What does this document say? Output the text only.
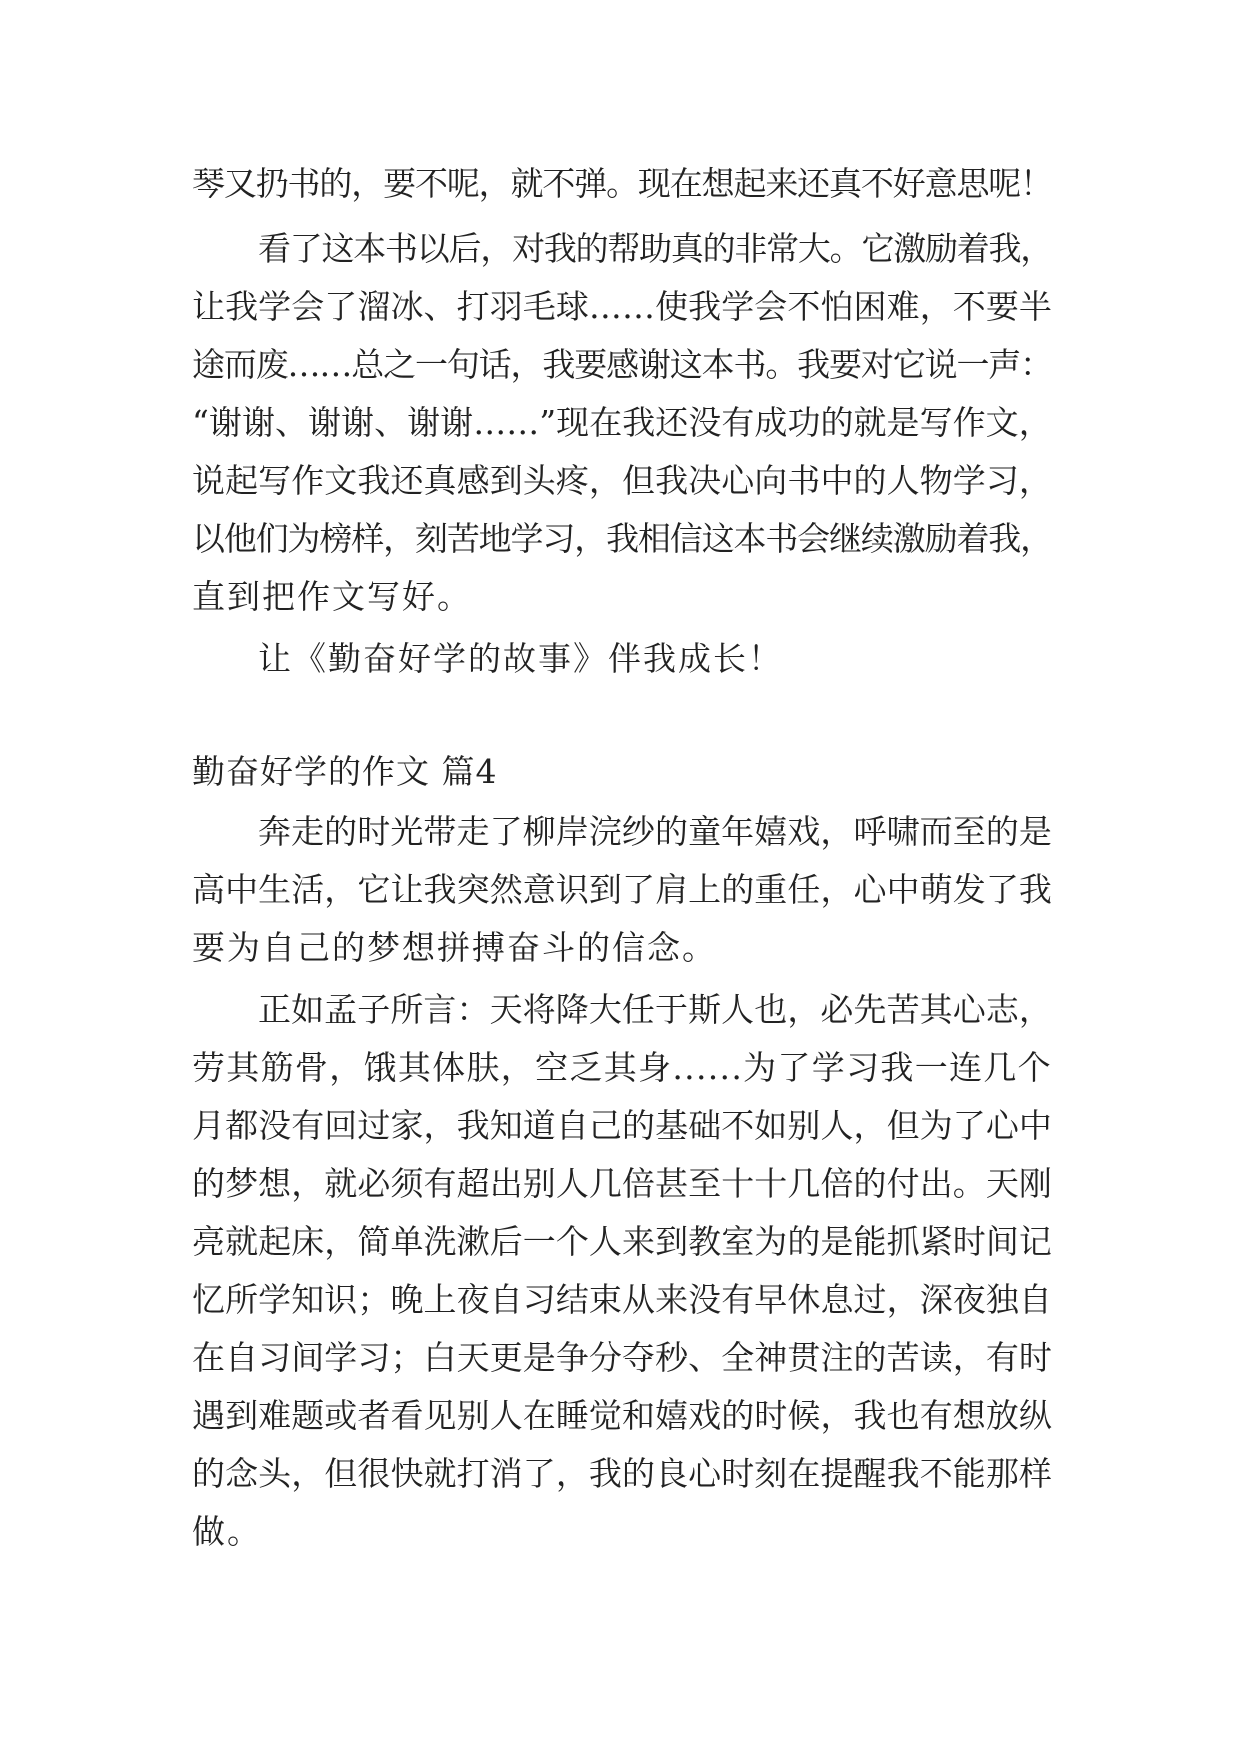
琴又扔书的，要不呢，就不弹。现在想起来还真不好意思呢！
看了这本书以后，对我的帮助真的非常大。它激励着我，
让我学会了溜冰、打羽毛球……使我学会不怕困难，不要半
途而废……总之一句话，我要感谢这本书。我要对它说一声：
“谢谢、谢谢、谢谢……”现在我还没有成功的就是写作文，
说起写作文我还真感到头疼，但我决心向书中的人物学习，
以他们为榜样，刻苦地学习，我相信这本书会继续激励着我，
直到把作文写好。
让《勤奋好学的故事》伴我成长！
勤奋好学的作文 篇4
奔走的时光带走了柳岸浣纱的童年嬉戏，呼啸而至的是
高中生活，它让我突然意识到了肩上的重任，心中萌发了我
要为自己的梦想拼搏奋斗的信念。
正如孟子所言：天将降大任于斯人也，必先苦其心志，
劳其筋骨，饿其体肤，空乏其身......为了学习我一连几个
月都没有回过家，我知道自己的基础不如别人，但为了心中
的梦想，就必须有超出别人几倍甚至十十几倍的付出。天刚
亮就起床，简单洗漱后一个人来到教室为的是能抓紧时间记
忆所学知识；晚上夜自习结束从来没有早休息过，深夜独自
在自习间学习；白天更是争分夺秒、全神贯注的苦读，有时
遇到难题或者看见别人在睡觉和嬉戏的时候，我也有想放纵
的念头，但很快就打消了，我的良心时刻在提醒我不能那样
做。
